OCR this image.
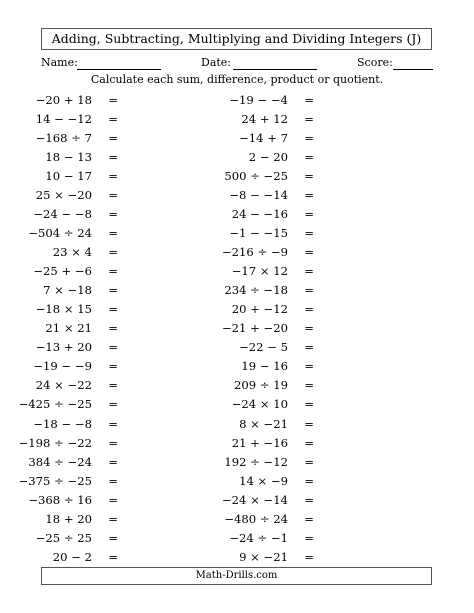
Adding, Subtracting, Multiplying and Dividing Integers (J)
Name:	Date:	Score:
Calculate each sum, difference, product or quotient.
−20 + 18 =
14 − −12 =
−168 ÷ 7 =
18 − 13 =
10 − 17 =
25 × −20 =
−24 − −8 =
−504 ÷ 24 =
23 × 4 =
−25 + −6 =
7 × −18 =
−18 × 15 =
21 × 21 =
−13 + 20 =
−19 − −9 =
24 × −22 =
−425 ÷ −25 =
−18 − −8 =
−198 ÷ −22 =
384 ÷ −24 =
−375 ÷ −25 =
−368 ÷ 16 =
18 + 20 =
−25 ÷ 25 =
20 − 2 =
−19 − −4 =
24 + 12 =
−14 + 7 =
2 − 20 =
500 ÷ −25 =
−8 − −14 =
24 − −16 =
−1 − −15 =
−216 ÷ −9 =
−17 × 12 =
234 ÷ −18 =
20 + −12 =
−21 + −20 =
−22 − 5 =
19 − 16 =
209 ÷ 19 =
−24 × 10 =
8 × −21 =
21 + −16 =
192 ÷ −12 =
14 × −9 =
−24 × −14 =
−480 ÷ 24 =
−24 ÷ −1 =
9 × −21 =
Math-Drills.com
